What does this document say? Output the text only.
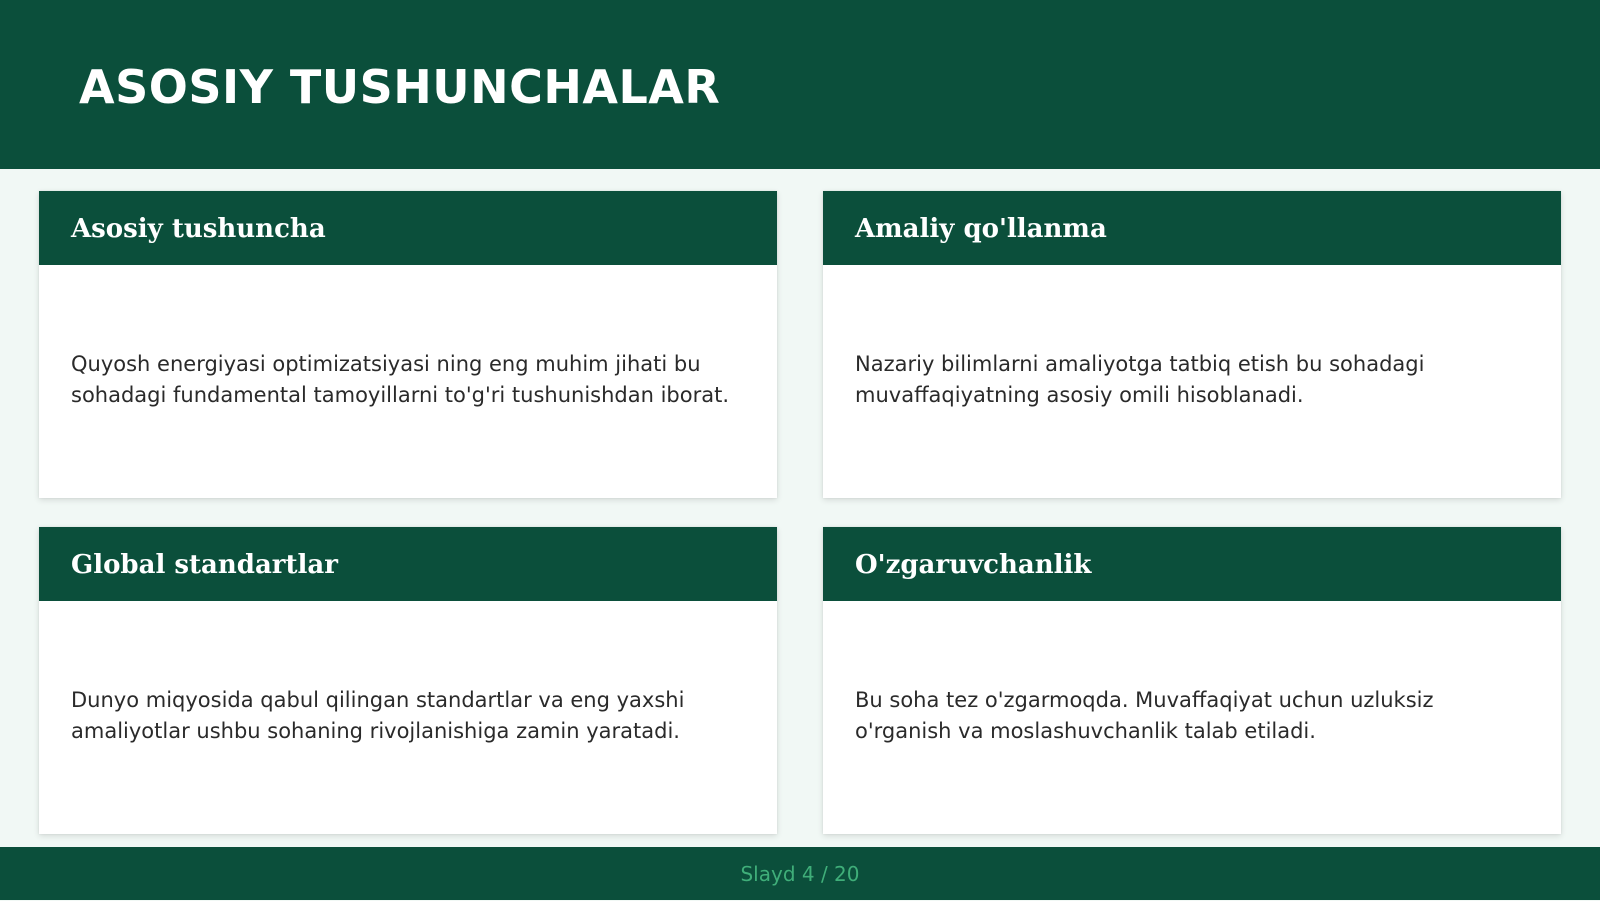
ASOSIY TUSHUNCHALAR
Asosiy tushuncha

Quyosh energiyasi optimizatsiyasi ning eng muhim jihati bu sohadagi fundamental tamoyillarni to'g'ri tushunishdan iborat.

Amaliy qo'llanma

Nazariy bilimlarni amaliyotga tatbiq etish bu sohadagi muvaffaqiyatning asosiy omili hisoblanadi.

Global standartlar

Dunyo miqyosida qabul qilingan standartlar va eng yaxshi amaliyotlar ushbu sohaning rivojlanishiga zamin yaratadi.

O'zgaruvchanlik

Bu soha tez o'zgarmoqda. Muvaffaqiyat uchun uzluksiz o'rganish va moslashuvchanlik talab etiladi.

Slayd 4 / 20
